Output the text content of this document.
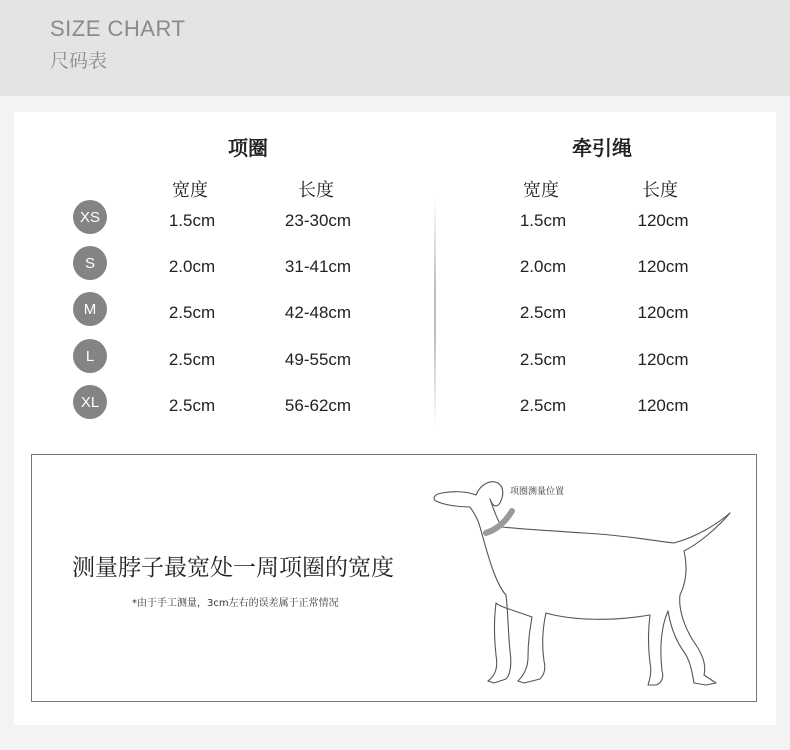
SIZE CHART
尺码表
项圈
宽度	长度
牵引绳
宽度	长度
XS	1.5cm	23-30cm	1.5cm	120cm
S	2.0cm	31-41cm	2.0cm	120cm
M	2.5cm	42-48cm	2.5cm	120cm
L	2.5cm	49-55cm	2.5cm	120cm
XL	2.5cm	56-62cm	2.5cm	120cm
测量脖子最宽处一周项圈的宽度
*由于手工测量，3cm左右的误差属于正常情况
项圈测量位置
